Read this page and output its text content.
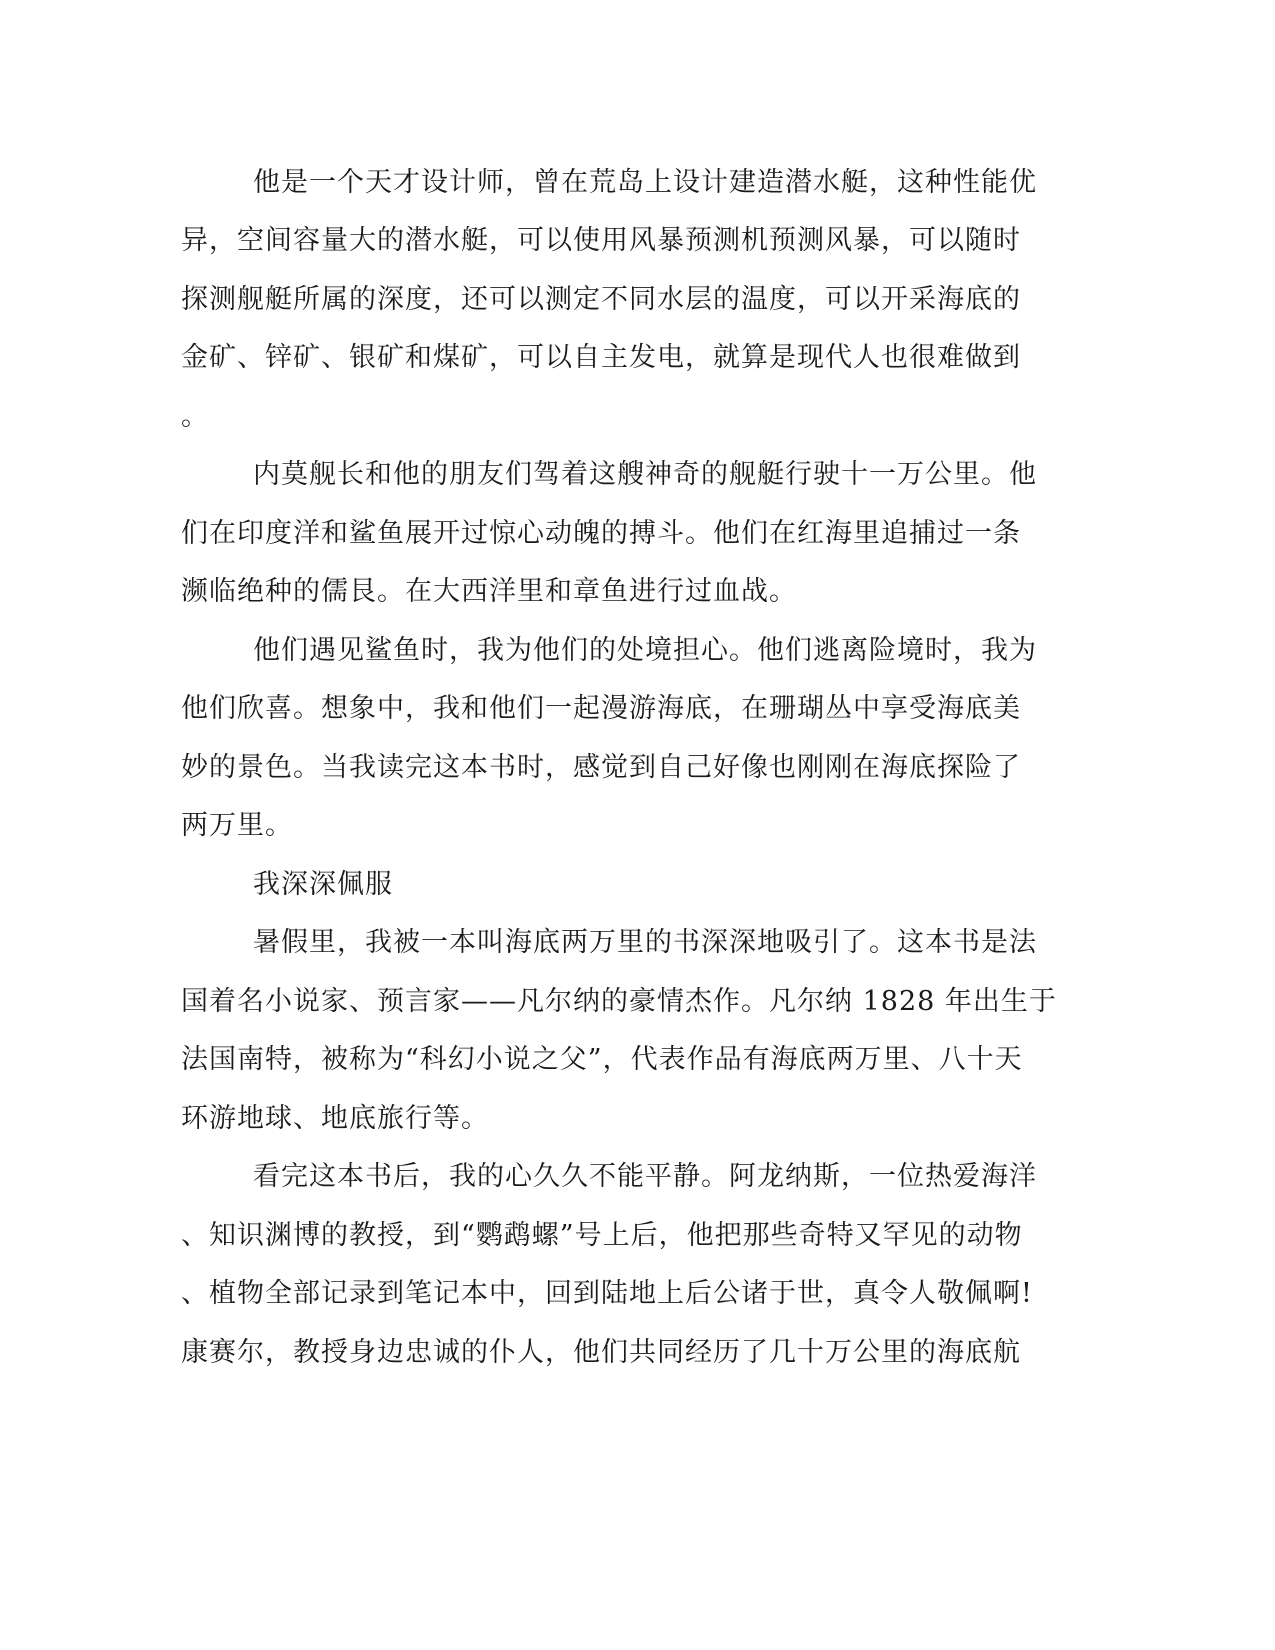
他是一个天才设计师，曾在荒岛上设计建造潜水艇，这种性能优
异，空间容量大的潜水艇，可以使用风暴预测机预测风暴，可以随时
探测舰艇所属的深度，还可以测定不同水层的温度，可以开采海底的
金矿、锌矿、银矿和煤矿，可以自主发电，就算是现代人也很难做到
。
内莫舰长和他的朋友们驾着这艘神奇的舰艇行驶十一万公里。他
们在印度洋和鲨鱼展开过惊心动魄的搏斗。他们在红海里追捕过一条
濒临绝种的儒艮。在大西洋里和章鱼进行过血战。
他们遇见鲨鱼时，我为他们的处境担心。他们逃离险境时，我为
他们欣喜。想象中，我和他们一起漫游海底，在珊瑚丛中享受海底美
妙的景色。当我读完这本书时，感觉到自己好像也刚刚在海底探险了
两万里。
我深深佩服
暑假里，我被一本叫海底两万里的书深深地吸引了。这本书是法
国着名小说家、预言家——凡尔纳的豪情杰作。凡尔纳 1828 年出生于
法国南特，被称为“科幻小说之父”，代表作品有海底两万里、八十天
环游地球、地底旅行等。
看完这本书后，我的心久久不能平静。阿龙纳斯，一位热爱海洋
、知识渊博的教授，到“鹦鹉螺”号上后，他把那些奇特又罕见的动物
、植物全部记录到笔记本中，回到陆地上后公诸于世，真令人敬佩啊!
康赛尔，教授身边忠诚的仆人，他们共同经历了几十万公里的海底航
